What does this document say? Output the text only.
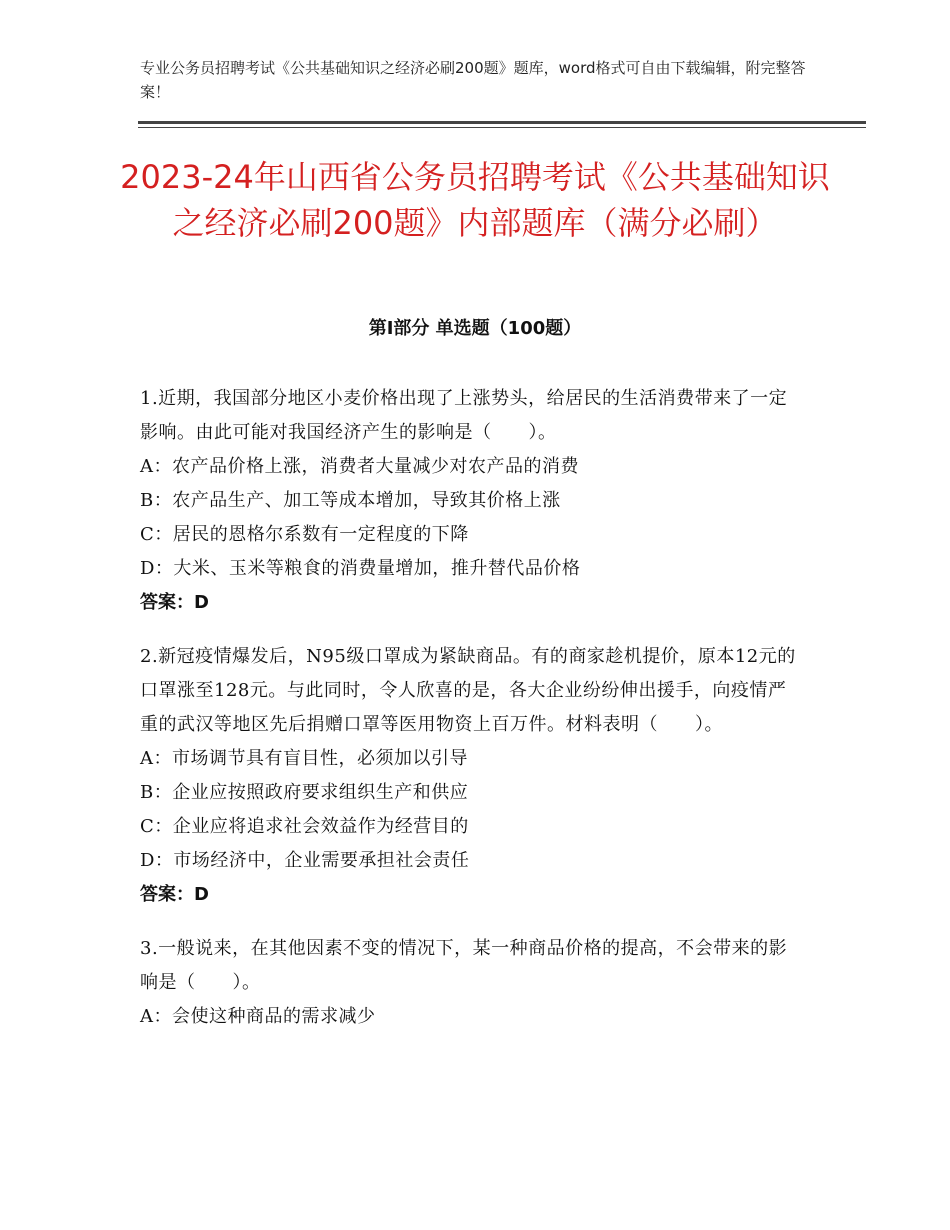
专业公务员招聘考试《公共基础知识之经济必刷200题》题库，word格式可自由下载编辑，附完整答案！
2023-24年山西省公务员招聘考试《公共基础知识之经济必刷200题》内部题库（满分必刷）
第Ⅰ部分 单选题（100题）
1.近期，我国部分地区小麦价格出现了上涨势头，给居民的生活消费带来了一定影响。由此可能对我国经济产生的影响是（　　）。
A：农产品价格上涨，消费者大量减少对农产品的消费
B：农产品生产、加工等成本增加，导致其价格上涨
C：居民的恩格尔系数有一定程度的下降
D：大米、玉米等粮食的消费量增加，推升替代品价格
答案：D
2.新冠疫情爆发后，N95级口罩成为紧缺商品。有的商家趁机提价，原本12元的口罩涨至128元。与此同时，令人欣喜的是，各大企业纷纷伸出援手，向疫情严重的武汉等地区先后捐赠口罩等医用物资上百万件。材料表明（　　）。
A：市场调节具有盲目性，必须加以引导
B：企业应按照政府要求组织生产和供应
C：企业应将追求社会效益作为经营目的
D：市场经济中，企业需要承担社会责任
答案：D
3.一般说来，在其他因素不变的情况下，某一种商品价格的提高，不会带来的影响是（　　）。
A：会使这种商品的需求减少
